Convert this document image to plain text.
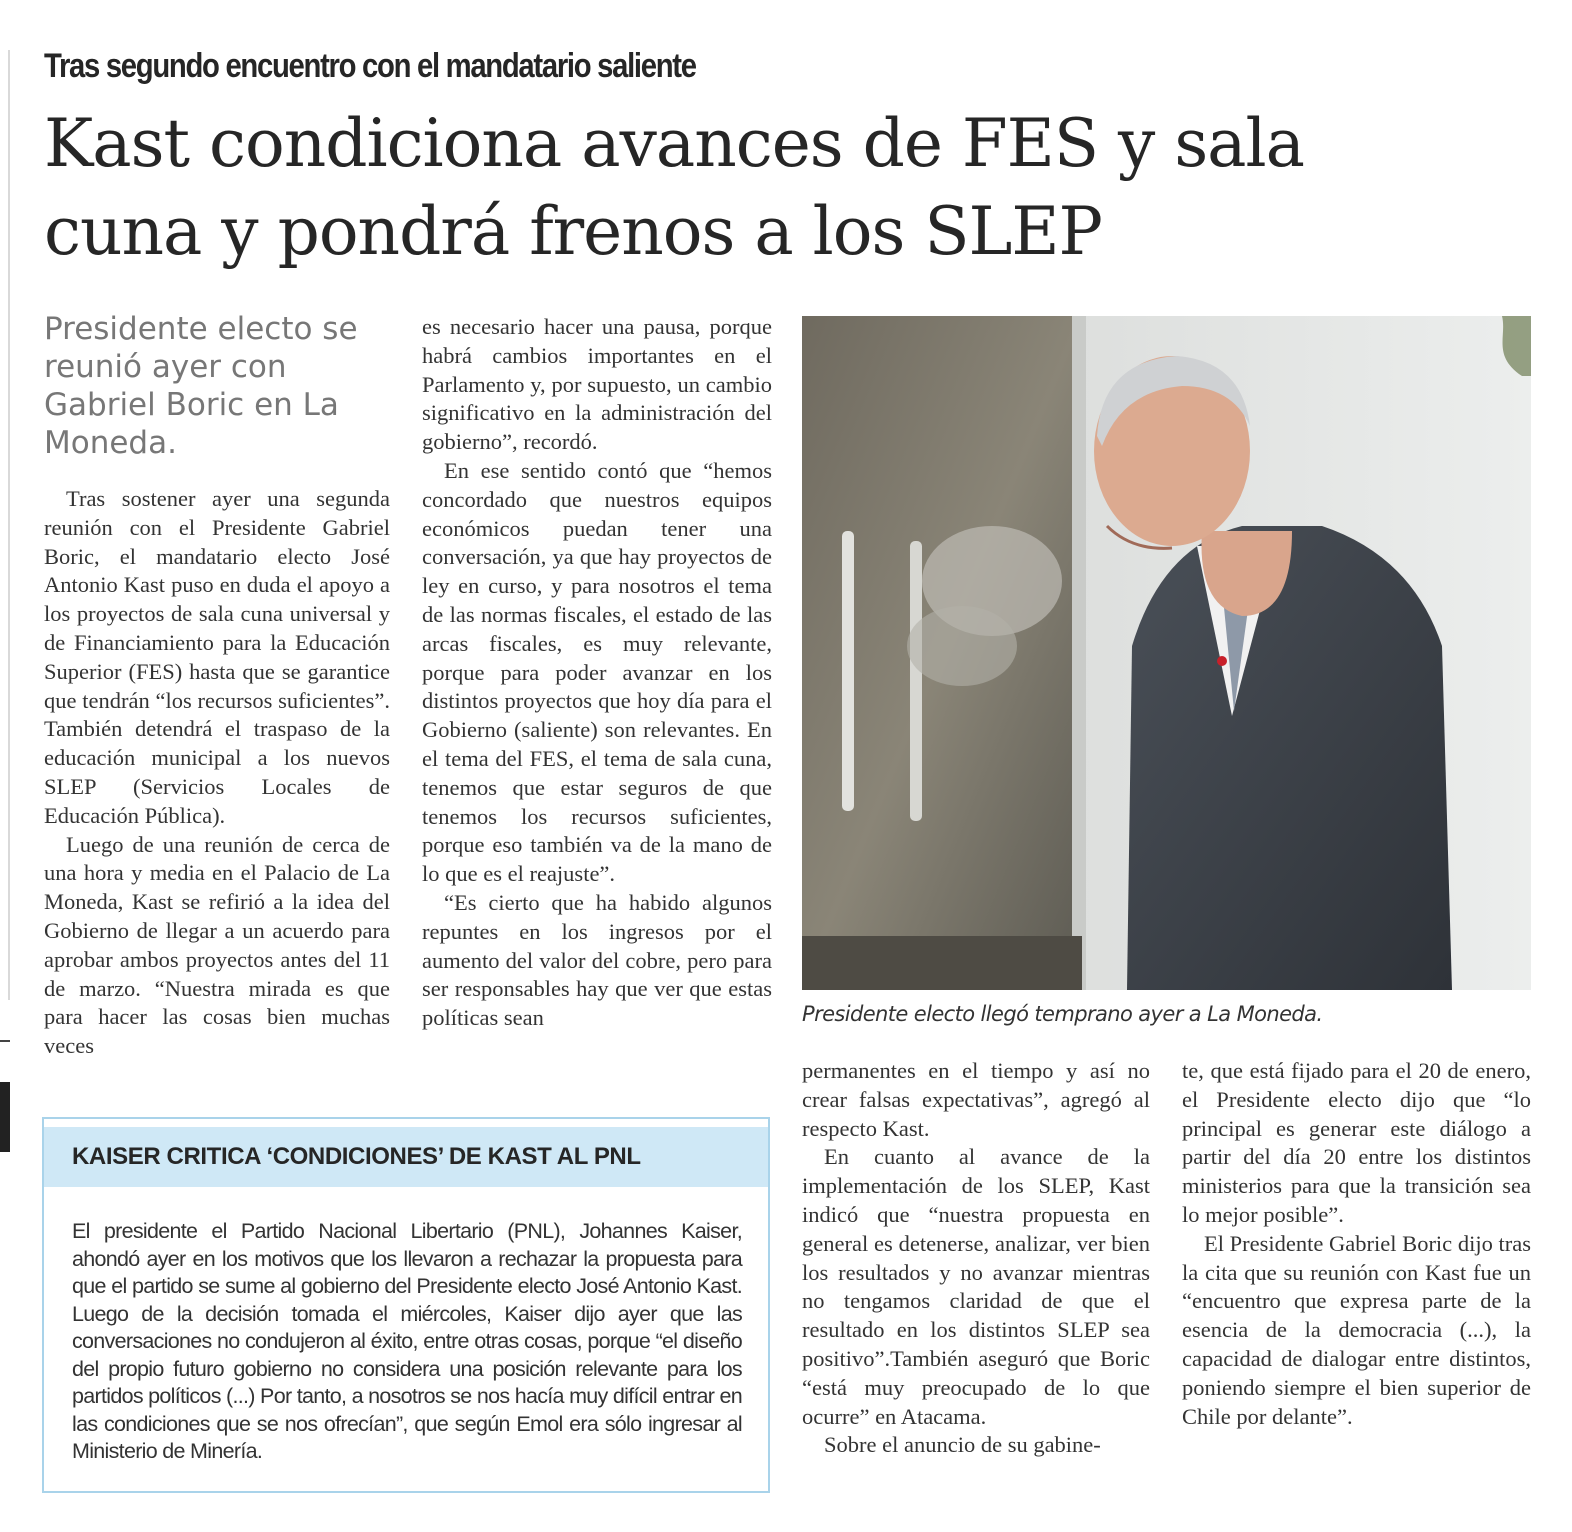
Tras segundo encuentro con el mandatario saliente
Kast condiciona avances de FES y sala cuna y pondrá frenos a los SLEP
Presidente electo se reunió ayer con Gabriel Boric en La Moneda.

Tras sostener ayer una segunda reunión con el Presidente Gabriel Boric, el mandatario electo José Antonio Kast puso en duda el apoyo a los proyectos de sala cuna universal y de Financiamiento para la Educación Superior (FES) hasta que se garantice que tendrán “los recursos suficientes”. También detendrá el traspaso de la educación municipal a los nuevos SLEP (Servicios Locales de Educación Pública).

Luego de una reunión de cerca de una hora y media en el Palacio de La Moneda, Kast se refirió a la idea del Gobierno de llegar a un acuerdo para aprobar ambos proyectos antes del 11 de marzo. “Nuestra mirada es que para hacer las cosas bien muchas veces

es necesario hacer una pausa, porque habrá cambios importantes en el Parlamento y, por supuesto, un cambio significativo en la administración del gobierno”, recordó.

En ese sentido contó que “hemos concordado que nuestros equipos económicos puedan tener una conversación, ya que hay proyectos de ley en curso, y para nosotros el tema de las normas fiscales, el estado de las arcas fiscales, es muy relevante, porque para poder avanzar en los distintos proyectos que hoy día para el Gobierno (saliente) son relevantes. En el tema del FES, el tema de sala cuna, tenemos que estar seguros de que tenemos los recursos suficientes, porque eso también va de la mano de lo que es el reajuste”.

“Es cierto que ha habido algunos repuntes en los ingresos por el aumento del valor del cobre, pero para ser responsables hay que ver que estas políticas sean	Presidente electo llegó temprano ayer a La Moneda.

permanentes en el tiempo y así no crear falsas expectativas”, agregó al respecto Kast.

En cuanto al avance de la implementación de los SLEP, Kast indicó que “nuestra propuesta en general es detenerse, analizar, ver bien los resultados y no avanzar mientras no tengamos claridad de que el resultado en los distintos SLEP sea positivo”.También aseguró que Boric “está muy preocupado de lo que ocurre” en Atacama.

Sobre el anuncio de su gabine-

te, que está fijado para el 20 de enero, el Presidente electo dijo que “lo principal es generar este diálogo a partir del día 20 entre los distintos ministerios para que la transición sea lo mejor posible”.

El Presidente Gabriel Boric dijo tras la cita que su reunión con Kast fue un “encuentro que expresa parte de la esencia de la democracia (...), la capacidad de dialogar entre distintos, poniendo siempre el bien superior de Chile por delante”.

KAISER CRITICA ‘CONDICIONES’ DE KAST AL PNL
El presidente el Partido Nacional Libertario (PNL), Johannes Kaiser, ahondó ayer en los motivos que los llevaron a rechazar la propuesta para que el partido se sume al gobierno del Presidente electo José Antonio Kast. Luego de la decisión tomada el miércoles, Kaiser dijo ayer que las conversaciones no condujeron al éxito, entre otras cosas, porque “el diseño del propio futuro gobierno no considera una posición relevante para los partidos políticos (...) Por tanto, a nosotros se nos hacía muy difícil entrar en las condiciones que se nos ofrecían”, que según Emol era sólo ingresar al Ministerio de Minería.
